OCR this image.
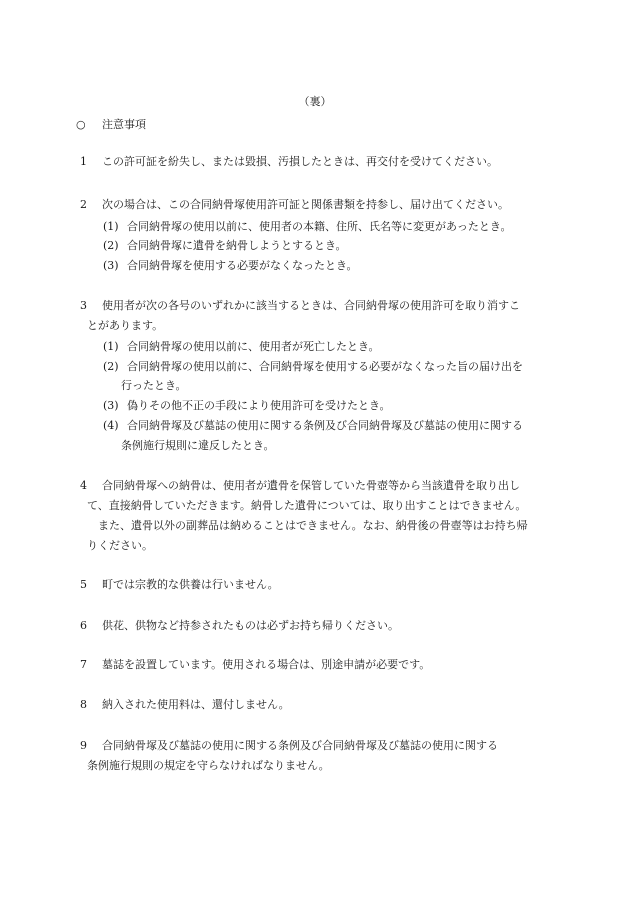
（裏）
○ 注意事項
1 この許可証を紛失し、または毀損、汚損したときは、再交付を受けてください。
2 次の場合は、この合同納骨塚使用許可証と関係書類を持参し、届け出てください。
(1) 合同納骨塚の使用以前に、使用者の本籍、住所、氏名等に変更があったとき。
(2) 合同納骨塚に遺骨を納骨しようとするとき。
(3) 合同納骨塚を使用する必要がなくなったとき。
3 使用者が次の各号のいずれかに該当するときは、合同納骨塚の使用許可を取り消すこ
とがあります。
(1) 合同納骨塚の使用以前に、使用者が死亡したとき。
(2) 合同納骨塚の使用以前に、合同納骨塚を使用する必要がなくなった旨の届け出を
行ったとき。
(3) 偽りその他不正の手段により使用許可を受けたとき。
(4) 合同納骨塚及び墓誌の使用に関する条例及び合同納骨塚及び墓誌の使用に関する
条例施行規則に違反したとき。
4 合同納骨塚への納骨は、使用者が遺骨を保管していた骨壺等から当該遺骨を取り出し
て、直接納骨していただきます。納骨した遺骨については、取り出すことはできません。
また、遺骨以外の副葬品は納めることはできません。なお、納骨後の骨壺等はお持ち帰
りください。
5 町では宗教的な供養は行いません。
6 供花、供物など持参されたものは必ずお持ち帰りください。
7 墓誌を設置しています。使用される場合は、別途申請が必要です。
8 納入された使用料は、還付しません。
9 合同納骨塚及び墓誌の使用に関する条例及び合同納骨塚及び墓誌の使用に関する
条例施行規則の規定を守らなければなりません。
